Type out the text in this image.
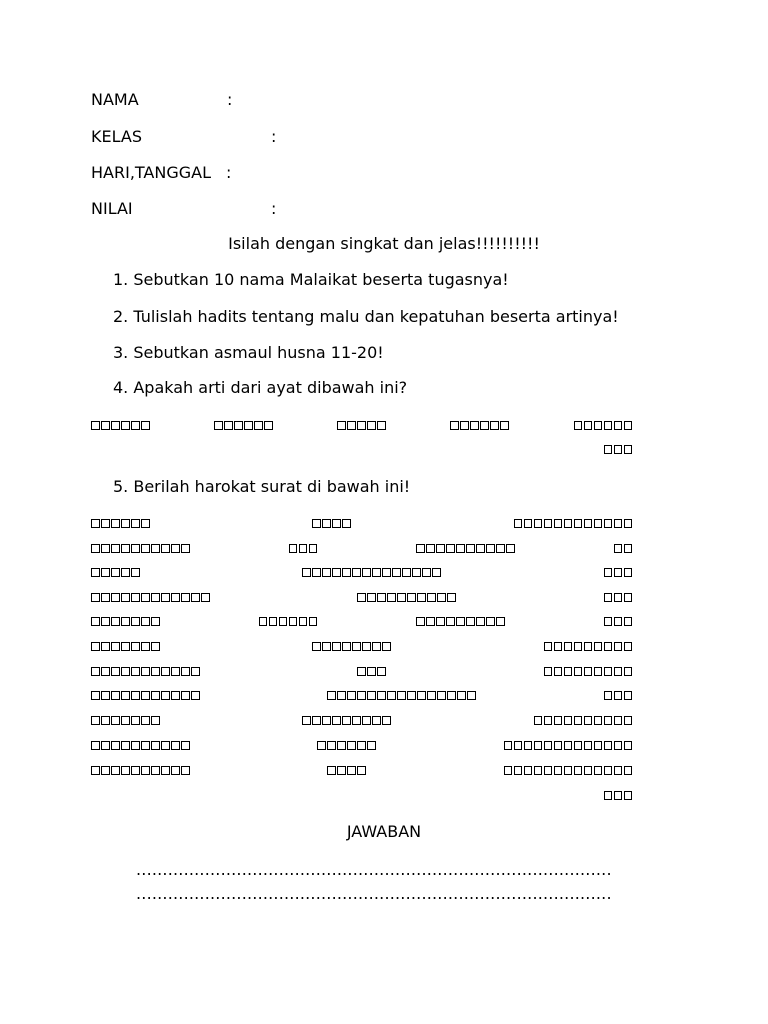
NAMA	:
KELAS	:
HARI,TANGGAL :
NILAI	:
Isilah dengan singkat dan jelas!!!!!!!!!!
1. Sebutkan 10 nama Malaikat beserta tugasnya!
2. Tulislah hadits tentang malu dan kepatuhan beserta artinya!
3. Sebutkan asmaul husna 11-20!
4. Apakah arti dari ayat dibawah ini?
5. Berilah harokat surat di bawah ini!
JAWABAN
..........................................................................................
..........................................................................................
